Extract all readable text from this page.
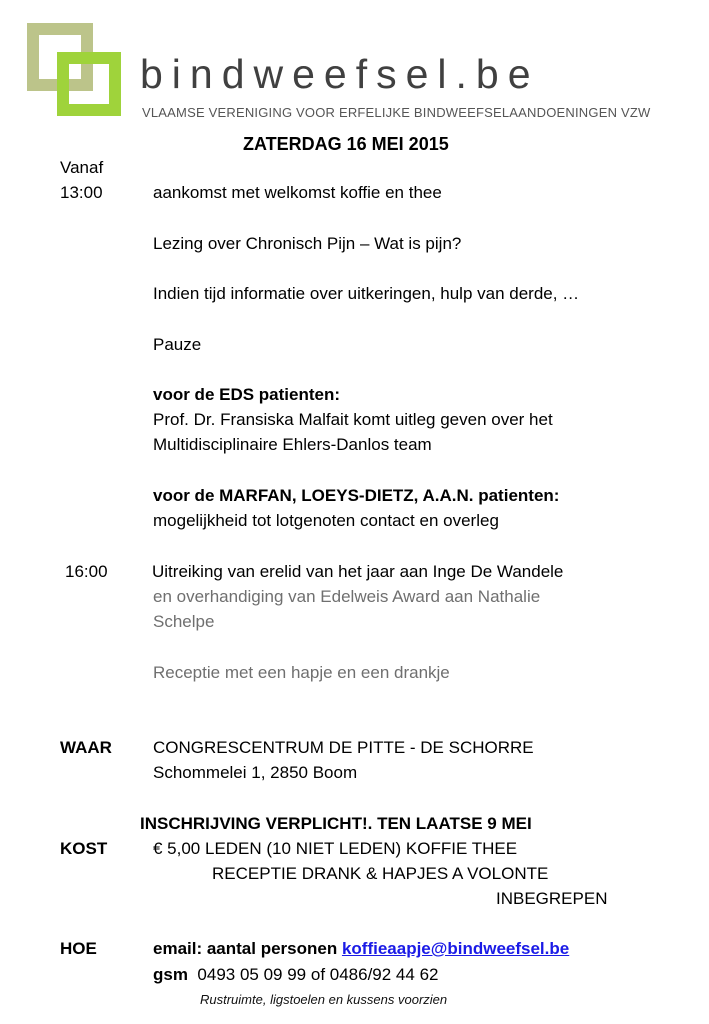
bindweefsel.be
VLAAMSE VERENIGING VOOR ERFELIJKE BINDWEEFSELAANDOENINGEN VZW
ZATERDAG 16 MEI 2015
Vanaf
13:00	aankomst met welkomst koffie en thee
Lezing over Chronisch Pijn – Wat is pijn?
Indien tijd informatie over uitkeringen, hulp van derde, …
Pauze
voor de EDS patienten:
Prof. Dr. Fransiska Malfait komt uitleg geven over het
Multidisciplinaire Ehlers-Danlos team
voor de MARFAN, LOEYS-DIETZ, A.A.N. patienten:
mogelijkheid tot lotgenoten contact en overleg
16:00	Uitreiking van erelid van het jaar aan Inge De Wandele
en overhandiging van Edelweis Award aan Nathalie
Schelpe
Receptie met een hapje en een drankje
WAAR CONGRESCENTRUM DE PITTE - DE SCHORRE
Schommelei 1, 2850 Boom
INSCHRIJVING VERPLICHT!. TEN LAATSE 9 MEI
KOST	€ 5,00 LEDEN (10 NIET LEDEN) KOFFIE THEE
RECEPTIE DRANK & HAPJES A VOLONTE
INBEGREPEN
HOE	email: aantal personen koffieaapje@bindweefsel.be
gsm 0493 05 09 99 of 0486/92 44 62
Rustruimte, ligstoelen en kussens voorzien
